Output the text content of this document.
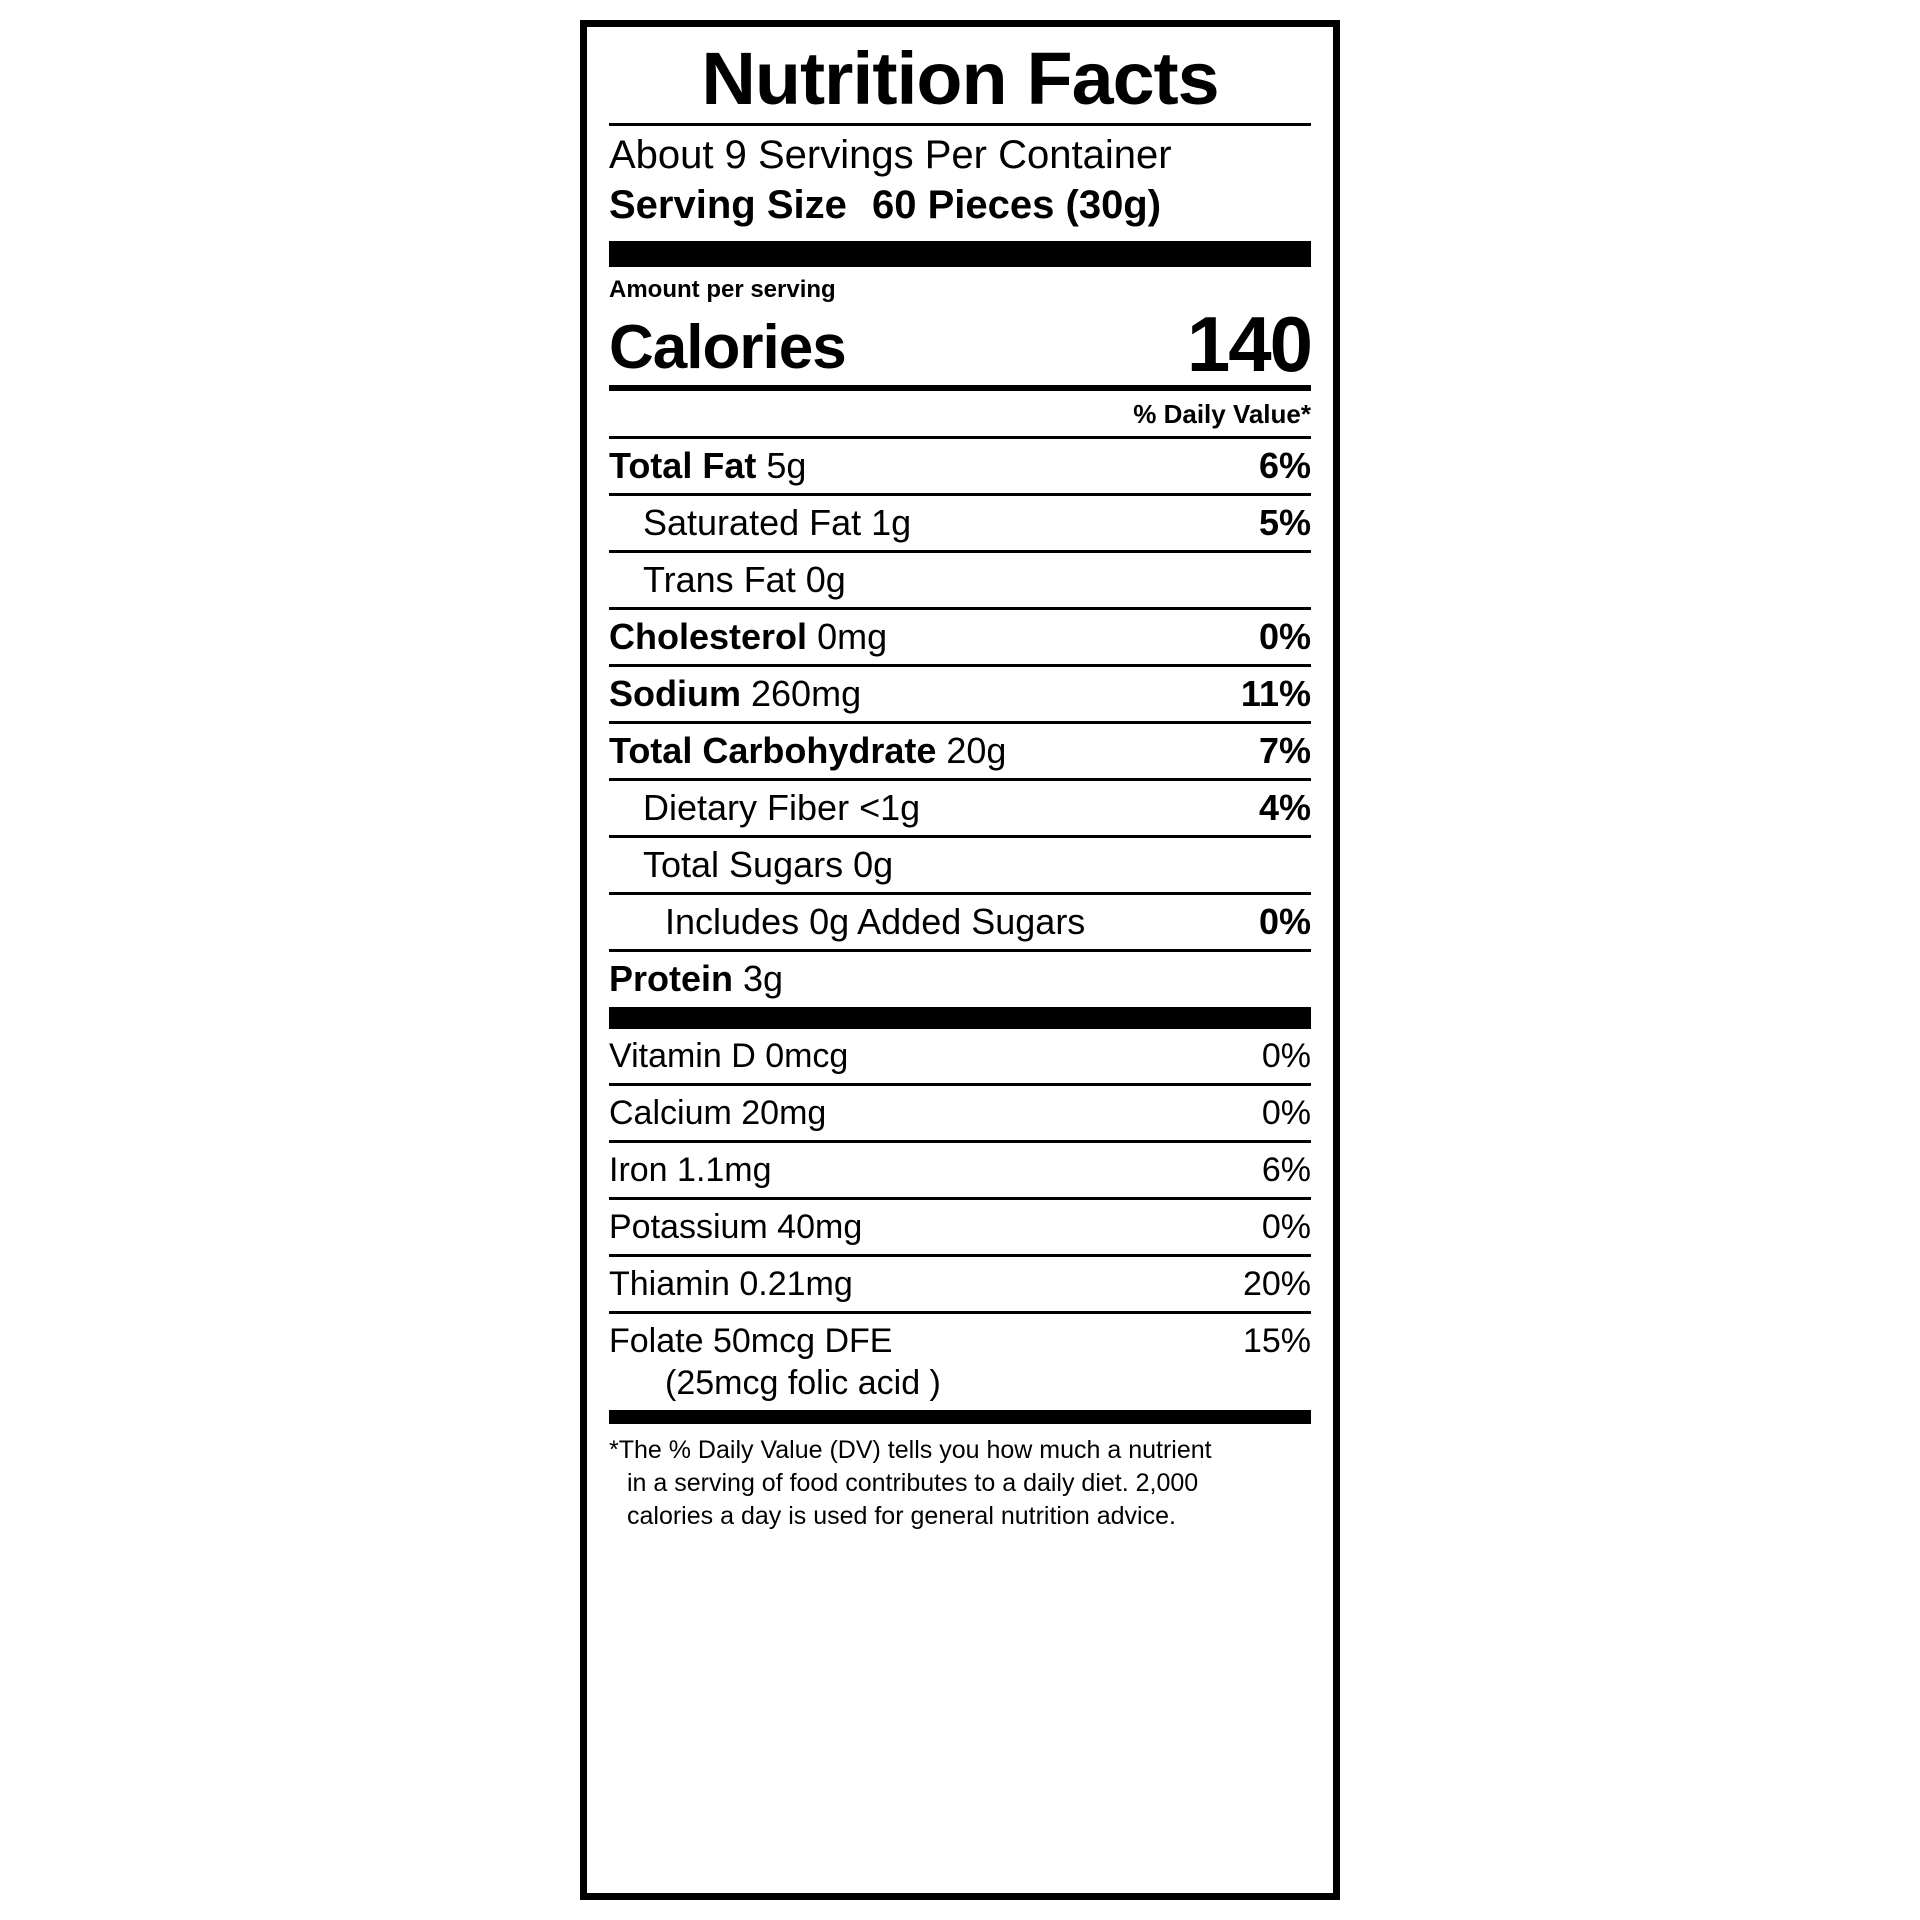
Nutrition Facts
About 9 Servings Per Container
Serving Size 60 Pieces (30g)
Amount per serving
Calories	140
% Daily Value*
Total Fat 5g	6%
Saturated Fat 1g	5%
Trans Fat 0g
Cholesterol 0mg	0%
Sodium 260mg	11%
Total Carbohydrate 20g	7%
Dietary Fiber <1g	4%
Total Sugars 0g
Includes 0g Added Sugars	0%
Protein 3g
Vitamin D 0mcg	0%
Calcium 20mg	0%
Iron 1.1mg	6%
Potassium 40mg	0%
Thiamin 0.21mg	20%
Folate 50mcg DFE	15%
(25mcg folic acid )
*The % Daily Value (DV) tells you how much a nutrient
in a serving of food contributes to a daily diet. 2,000
calories a day is used for general nutrition advice.
